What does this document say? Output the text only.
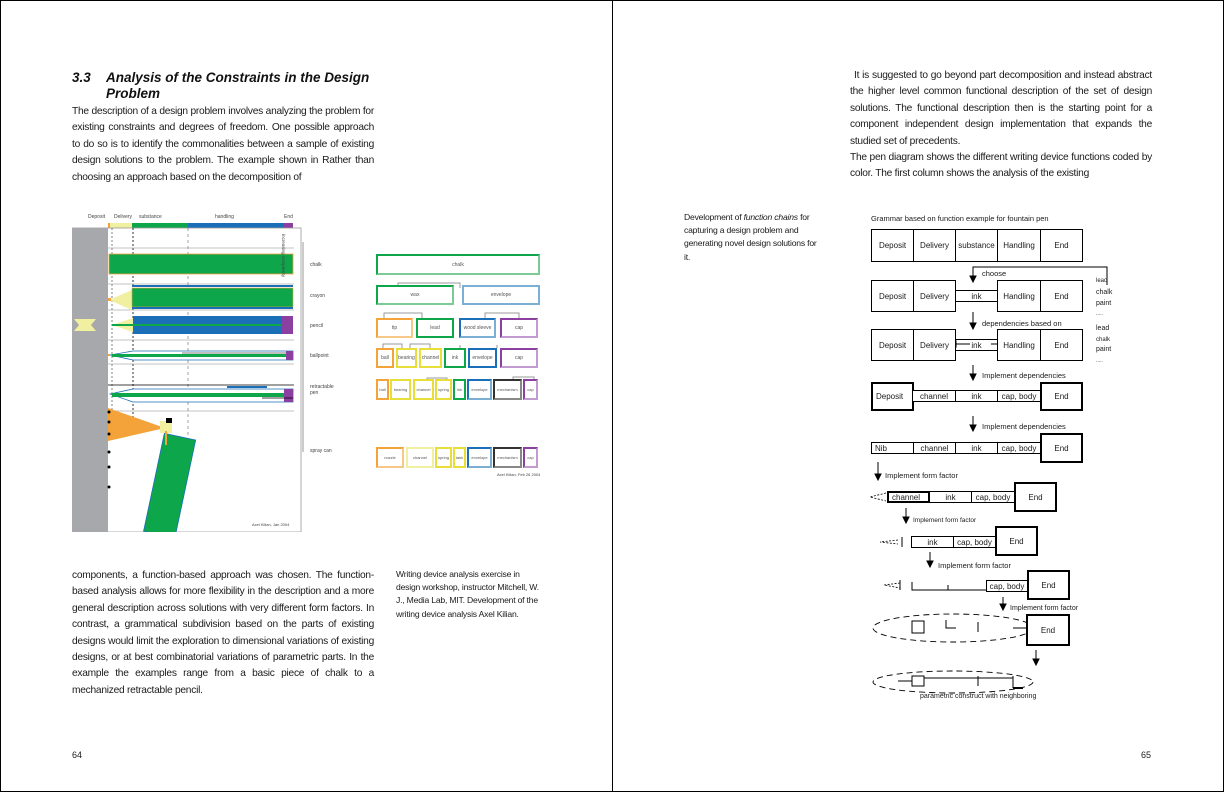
3.3 Analysis of the Constraints in the Design
Problem
The description of a design problem involves analyzing the problem for existing constraints and degrees of freedom. One possible approach to do so is to identify the commonalities between a sample of existing design solutions to the problem. The example shown in Rather than choosing an approach based on the decomposition of
Deposit Delivery substance	handling	End
increasing complexity
Axel Kilian, Jan 2004
chalk
crayon
pencil
ballpoint
retractable pen
spray can
chalk
wax	envelope
tip	lead	wood sleeve	cap
ball	bearing	channel	ink	envelope	cap
ball	bearing	channel	spring	ink	envelope	mechanism	cap
nozzle	channel	spring	tank	envelope	mechanism	cap
Axel Kilian, Feb 26 2004
components, a function-based approach was chosen. The function-based analysis allows for more flexibility in the description and a more general description across solutions with very different form factors. In contrast, a grammatical subdivision based on the parts of existing designs would limit the exploration to dimensional variations of existing designs, or at best combinatorial variations of parametric parts. In the example the examples range from a basic piece of chalk to a mechanized retractable pencil.
Writing device analysis exercise in design workshop, instructor Mitchell, W. J., Media Lab, MIT. Development of the writing device analysis Axel Kilian.
64
It is suggested to go beyond part decomposition and instead abstract the higher level common functional description of the set of design solutions. The functional description then is the starting point for a component independent design implementation that expands the studied set of precedents.
The pen diagram shows the different writing device functions coded by color. The first column shows the analysis of the existing
Development of function chains for capturing a design problem and generating novel design solutions for it.
Grammar based on function example for fountain pen
Deposit	Delivery	substance	Handling	End
choose
lead
chalk
paint
.....
Deposit	Delivery	ink	Handling	End
dependencies based on
lead
chalk
paint
.....
Deposit	Delivery	ink	Handling	End
Implement dependencies
Deposit	channel	ink	cap, body	End
Implement dependencies
Nib	channel	ink	cap, body	End
Implement form factor
channel	ink	cap, body	End
Implement form factor
ink	cap, body	End
Implement form factor
cap, body	End
Implement form factor
End
parametric construct with neighboring
65
